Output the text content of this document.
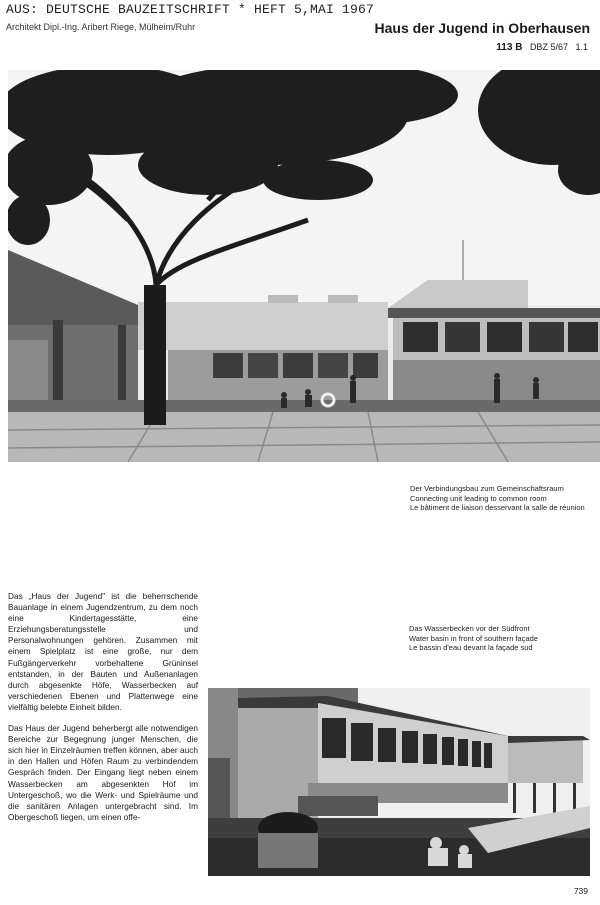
AUS: DEUTSCHE BAUZEITSCHRIFT * HEFT 5,MAI 1967
Architekt Dipl.-Ing. Aribert Riege, Mülheim/Ruhr	Haus der Jugend in Oberhausen
113 B DBZ 5/67 1.1
Der Verbindungsbau zum Gemeinschaftsraum
Connecting unit leading to common room
Le bâtiment de liaison desservant la salle de réunion
Das Wasserbecken vor der Südfront
Water basin in front of southern façade
Le bassin d'eau devant la façade sud

Das „Haus der Jugend" ist die beherrschende Bauanlage in einem Jugendzentrum, zu dem noch eine Kindertagesstätte, eine Erziehungsberatungsstelle und Personalwohnungen gehören. Zusammen mit einem Spielplatz ist eine große, nur dem Fußgängerverkehr vorbehaltene Grüninsel entstanden, in der Bauten und Außenanlagen durch abgesenkte Höfe, Wasserbecken auf verschiedenen Ebenen und Plattenwege eine vielfältig belebte Einheit bilden.

Das Haus der Jugend beherbergt alle notwendigen Bereiche zur Begegnung junger Menschen, die sich hier in Einzelräumen treffen können, aber auch in den Hallen und Höfen Raum zu verbindendem Gespräch finden. Der Eingang liegt neben einem Wasserbecken am abgesenkten Hof im Untergeschoß, wo die Werk- und Spielräume und die sanitären Anlagen untergebracht sind. Im Obergeschoß liegen, um einen offe-

739
